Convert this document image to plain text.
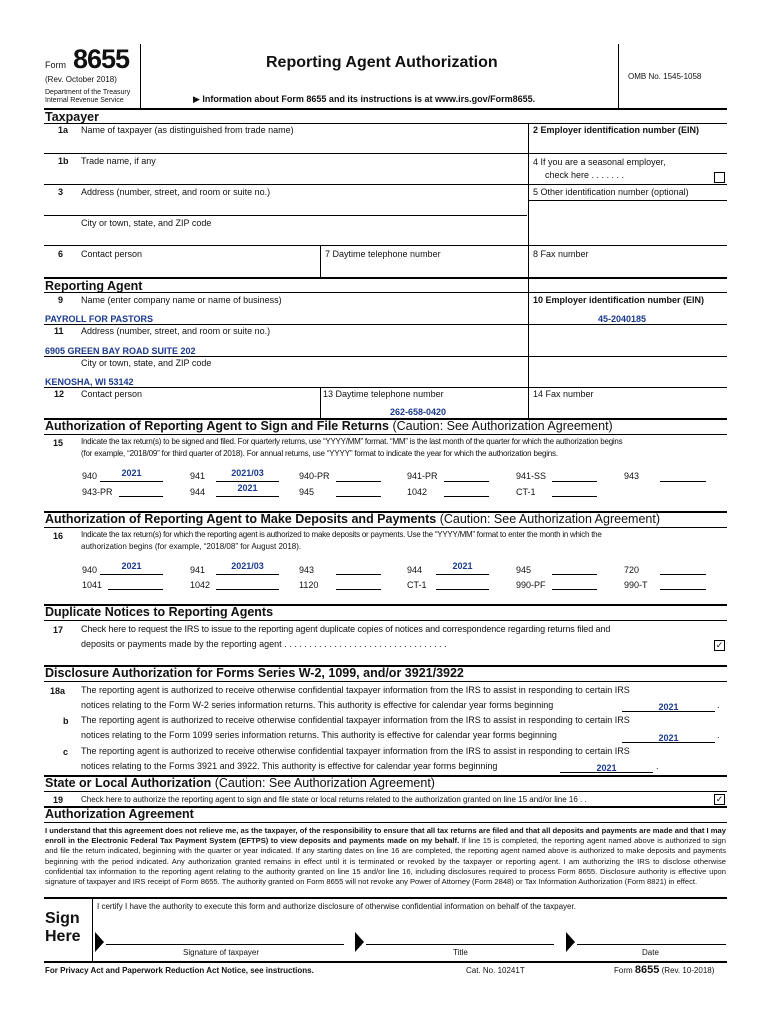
Form 8655
(Rev. October 2018)
Department of the Treasury
Internal Revenue Service
Reporting Agent Authorization
▶ Information about Form 8655 and its instructions is at www.irs.gov/Form8655.
OMB No. 1545-1058
Taxpayer
1a Name of taxpayer (as distinguished from trade name)	2 Employer identification number (EIN)
1b Trade name, if any	4 If you are a seasonal employer,
check here . . . . . . .
3 Address (number, street, and room or suite no.)	5 Other identification number (optional)
City or town, state, and ZIP code
6 Contact person	7 Daytime telephone number	8 Fax number
Reporting Agent
9 Name (enter company name or name of business)	10 Employer identification number (EIN)
PAYROLL FOR PASTORS	45-2040185
11 Address (number, street, and room or suite no.)
6905 GREEN BAY ROAD SUITE 202
City or town, state, and ZIP code
KENOSHA, WI 53142
12 Contact person	13 Daytime telephone number	14 Fax number
262-658-0420
Authorization of Reporting Agent to Sign and File Returns (Caution: See Authorization Agreement)
15 Indicate the tax return(s) to be signed and filed. For quarterly returns, use “YYYY/MM” format. “MM” is the last month of the quarter for which the authorization begins
(for example, “2018/09” for third quarter of 2018). For annual returns, use “YYYY” format to indicate the year for which the authorization begins.
940	2021	941	2021/03	940-PR	941-PR	941-SS	943
943-PR	944	2021	945	1042	CT-1
Authorization of Reporting Agent to Make Deposits and Payments (Caution: See Authorization Agreement)
16 Indicate the tax return(s) for which the reporting agent is authorized to make deposits or payments. Use the “YYYY/MM” format to enter the month in which the
authorization begins (for example, “2018/08” for August 2018).
940	2021	941	2021/03	943	944	2021	945	720
1041	1042	1120	CT-1	990-PF	990-T
Duplicate Notices to Reporting Agents
17 Check here to request the IRS to issue to the reporting agent duplicate copies of notices and correspondence regarding returns filed and
deposits or payments made by the reporting agent . . . . . . . . . . . . . . . . . . . . . . . . . . . . . . . . .	✓
Disclosure Authorization for Forms Series W-2, 1099, and/or 3921/3922
18a The reporting agent is authorized to receive otherwise confidential taxpayer information from the IRS to assist in responding to certain IRS
notices relating to the Form W-2 series information returns. This authority is effective for calendar year forms beginning	2021	.
b The reporting agent is authorized to receive otherwise confidential taxpayer information from the IRS to assist in responding to certain IRS
notices relating to the Form 1099 series information returns. This authority is effective for calendar year forms beginning	2021	.
c The reporting agent is authorized to receive otherwise confidential taxpayer information from the IRS to assist in responding to certain IRS
notices relating to the Forms 3921 and 3922. This authority is effective for calendar year forms beginning	2021	.
State or Local Authorization (Caution: See Authorization Agreement)
19 Check here to authorize the reporting agent to sign and file state or local returns related to the authorization granted on line 15 and/or line 16 . .	✓
Authorization Agreement
I understand that this agreement does not relieve me, as the taxpayer, of the responsibility to ensure that all tax returns are filed and that all deposits and payments are made and that I may enroll in the Electronic Federal Tax Payment System (EFTPS) to view deposits and payments made on my behalf. If line 15 is completed, the reporting agent named above is authorized to sign and file the return indicated, beginning with the quarter or year indicated. If any starting dates on line 16 are completed, the reporting agent named above is authorized to make deposits and payments beginning with the period indicated. Any authorization granted remains in effect until it is terminated or revoked by the taxpayer or reporting agent. I am authorizing the IRS to disclose otherwise confidential tax information to the reporting agent relating to the authority granted on line 15 and/or line 16, including disclosures required to process Form 8655. Disclosure authority is effective upon signature of taxpayer and IRS receipt of Form 8655. The authority granted on Form 8655 will not revoke any Power of Attorney (Form 2848) or Tax Information Authorization (Form 8821) in effect.
Sign
Here
I certify I have the authority to execute this form and authorize disclosure of otherwise confidential information on behalf of the taxpayer.
Signature of taxpayer	Title	Date
For Privacy Act and Paperwork Reduction Act Notice, see instructions.	Cat. No. 10241T	Form 8655 (Rev. 10-2018)
